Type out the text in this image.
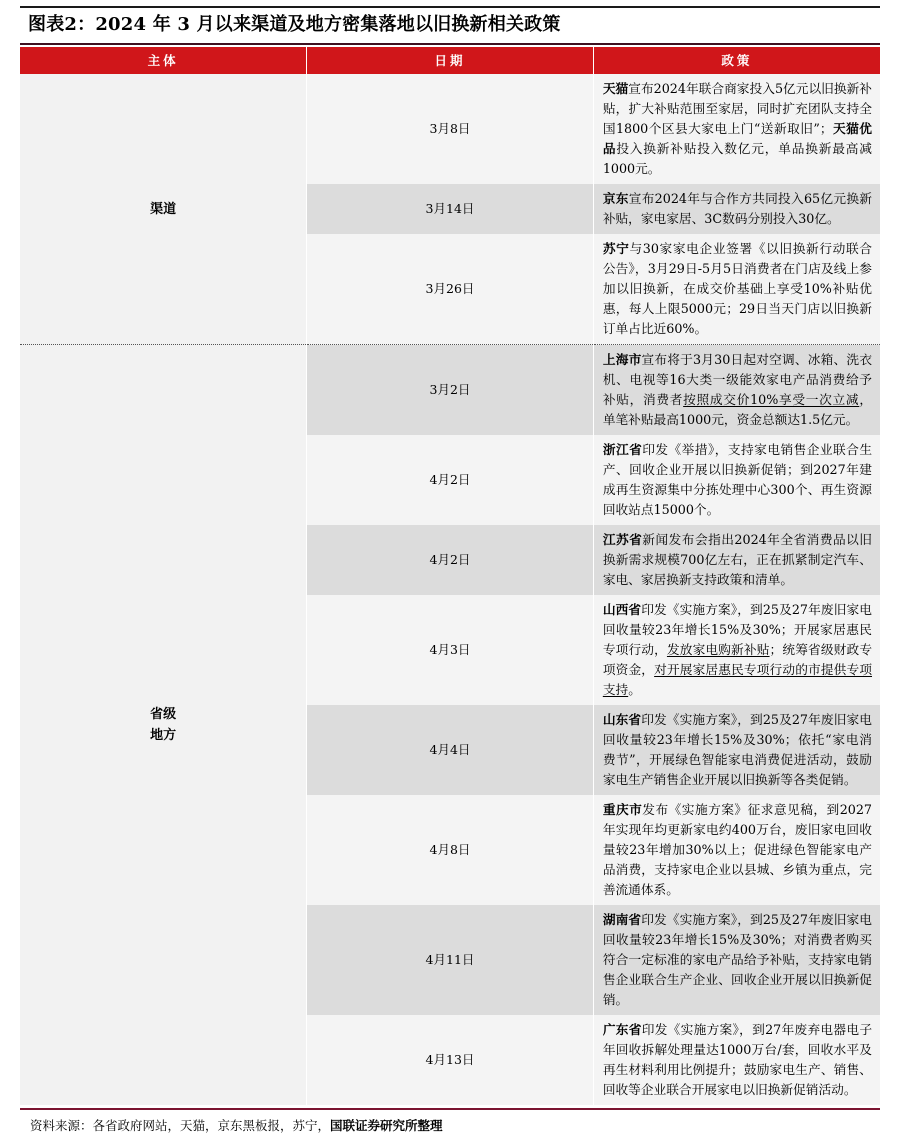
图表2：2024 年 3 月以来渠道及地方密集落地以旧换新相关政策
主体	日期	政策
渠道	3月8日	天猫宣布2024年联合商家投入5亿元以旧换新补贴，扩大补贴范围至家居，同时扩充团队支持全国1800个区县大家电上门“送新取旧”；天猫优品投入换新补贴投入数亿元，单品换新最高减1000元。
	3月14日	京东宣布2024年与合作方共同投入65亿元换新补贴，家电家居、3C数码分别投入30亿。
	3月26日	苏宁与30家家电企业签署《以旧换新行动联合公告》，3月29日-5月5日消费者在门店及线上参加以旧换新，在成交价基础上享受10%补贴优惠，每人上限5000元；29日当天门店以旧换新订单占比近60%。

省级
地方	3月2日	上海市宣布将于3月30日起对空调、冰箱、洗衣机、电视等16大类一级能效家电产品消费给予补贴，消费者按照成交价10%享受一次立减，单笔补贴最高1000元，资金总额达1.5亿元。
	4月2日	浙江省印发《举措》，支持家电销售企业联合生产、回收企业开展以旧换新促销；到2027年建成再生资源集中分拣处理中心300个、再生资源回收站点15000个。
	4月2日	江苏省新闻发布会指出2024年全省消费品以旧换新需求规模700亿左右，正在抓紧制定汽车、家电、家居换新支持政策和清单。
	4月3日	山西省印发《实施方案》，到25及27年废旧家电回收量较23年增长15%及30%；开展家居惠民专项行动，发放家电购新补贴；统筹省级财政专项资金，对开展家居惠民专项行动的市提供专项支持。
	4月4日	山东省印发《实施方案》，到25及27年废旧家电回收量较23年增长15%及30%；依托“家电消费节”，开展绿色智能家电消费促进活动，鼓励家电生产销售企业开展以旧换新等各类促销。
	4月8日	重庆市发布《实施方案》征求意见稿，到2027年实现年均更新家电约400万台，废旧家电回收量较23年增加30%以上；促进绿色智能家电产品消费，支持家电企业以县城、乡镇为重点，完善流通体系。
	4月11日	湖南省印发《实施方案》，到25及27年废旧家电回收量较23年增长15%及30%；对消费者购买符合一定标准的家电产品给予补贴，支持家电销售企业联合生产企业、回收企业开展以旧换新促销。
	4月13日	广东省印发《实施方案》，到27年废弃电器电子年回收拆解处理量达1000万台/套，回收水平及再生材料利用比例提升；鼓励家电生产、销售、回收等企业联合开展家电以旧换新促销活动。
资料来源：各省政府网站，天猫，京东黑板报，苏宁，国联证券研究所整理
